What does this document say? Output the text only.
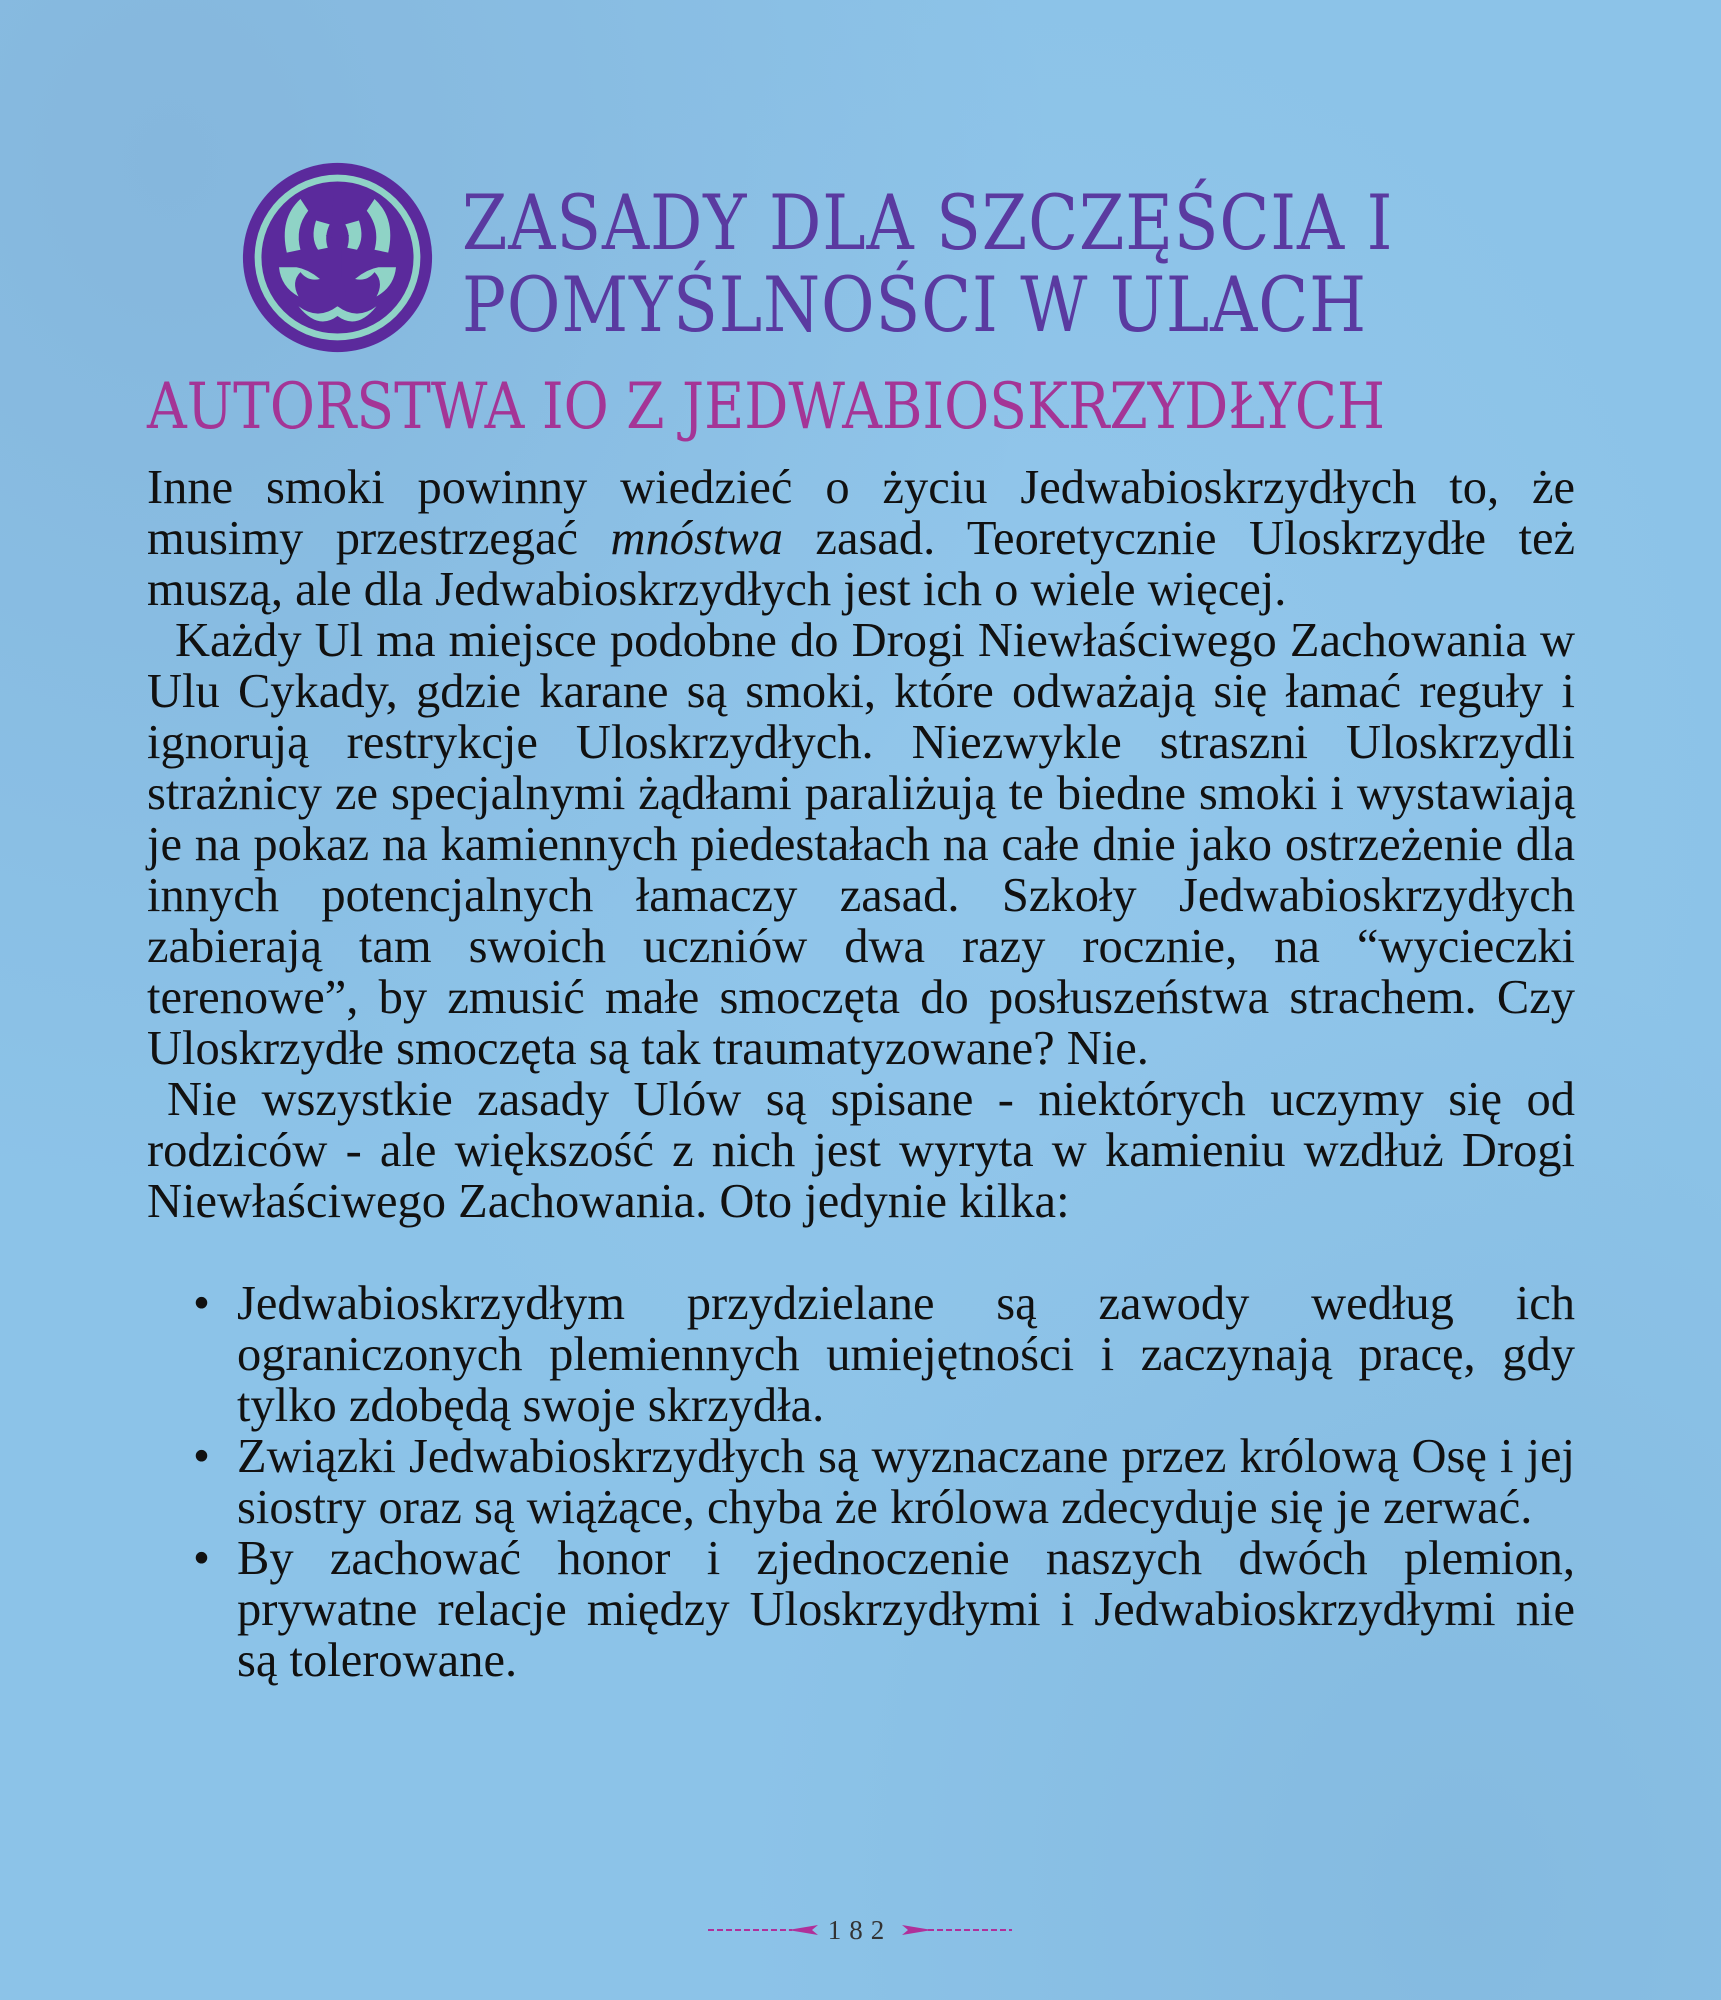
ZASADY DLA SZCZĘŚCIA I
POMYŚLNOŚCI W ULACH
AUTORSTWA IO Z JEDWABIOSKRZYDŁYCH

Inne smoki powinny wiedzieć o życiu Jedwabioskrzydłych to, że musimy przestrzegać mnóstwa zasad. Teoretycznie Uloskrzydłe też muszą, ale dla Jedwabioskrzydłych jest ich o wiele więcej.

Każdy Ul ma miejsce podobne do Drogi Niewłaściwego Zachowania w Ulu Cykady, gdzie karane są smoki, które odważają się łamać reguły i ignorują restrykcje Uloskrzydłych. Niezwykle straszni Uloskrzydli strażnicy ze specjalnymi żądłami paraliżują te biedne smoki i wystawiają je na pokaz na kamiennych piedestałach na całe dnie jako ostrzeżenie dla innych potencjalnych łamaczy zasad. Szkoły Jedwabioskrzydłych zabierają tam swoich uczniów dwa razy rocznie, na “wycieczki terenowe”, by zmusić małe smoczęta do posłuszeństwa strachem. Czy Uloskrzydłe smoczęta są tak traumatyzowane? Nie.

Nie wszystkie zasady Ulów są spisane - niektórych uczymy się od rodziców - ale większość z nich jest wyryta w kamieniu wzdłuż Drogi Niewłaściwego Zachowania. Oto jedynie kilka:

• Jedwabioskrzydłym przydzielane są zawody według ich ograniczonych plemiennych umiejętności i zaczynają pracę, gdy tylko zdobędą swoje skrzydła.
• Związki Jedwabioskrzydłych są wyznaczane przez królową Osę i jej siostry oraz są wiążące, chyba że królowa zdecyduje się je zerwać.
• By zachować honor i zjednoczenie naszych dwóch plemion, prywatne relacje między Uloskrzydłymi i Jedwabioskrzydłymi nie są tolerowane.
182
